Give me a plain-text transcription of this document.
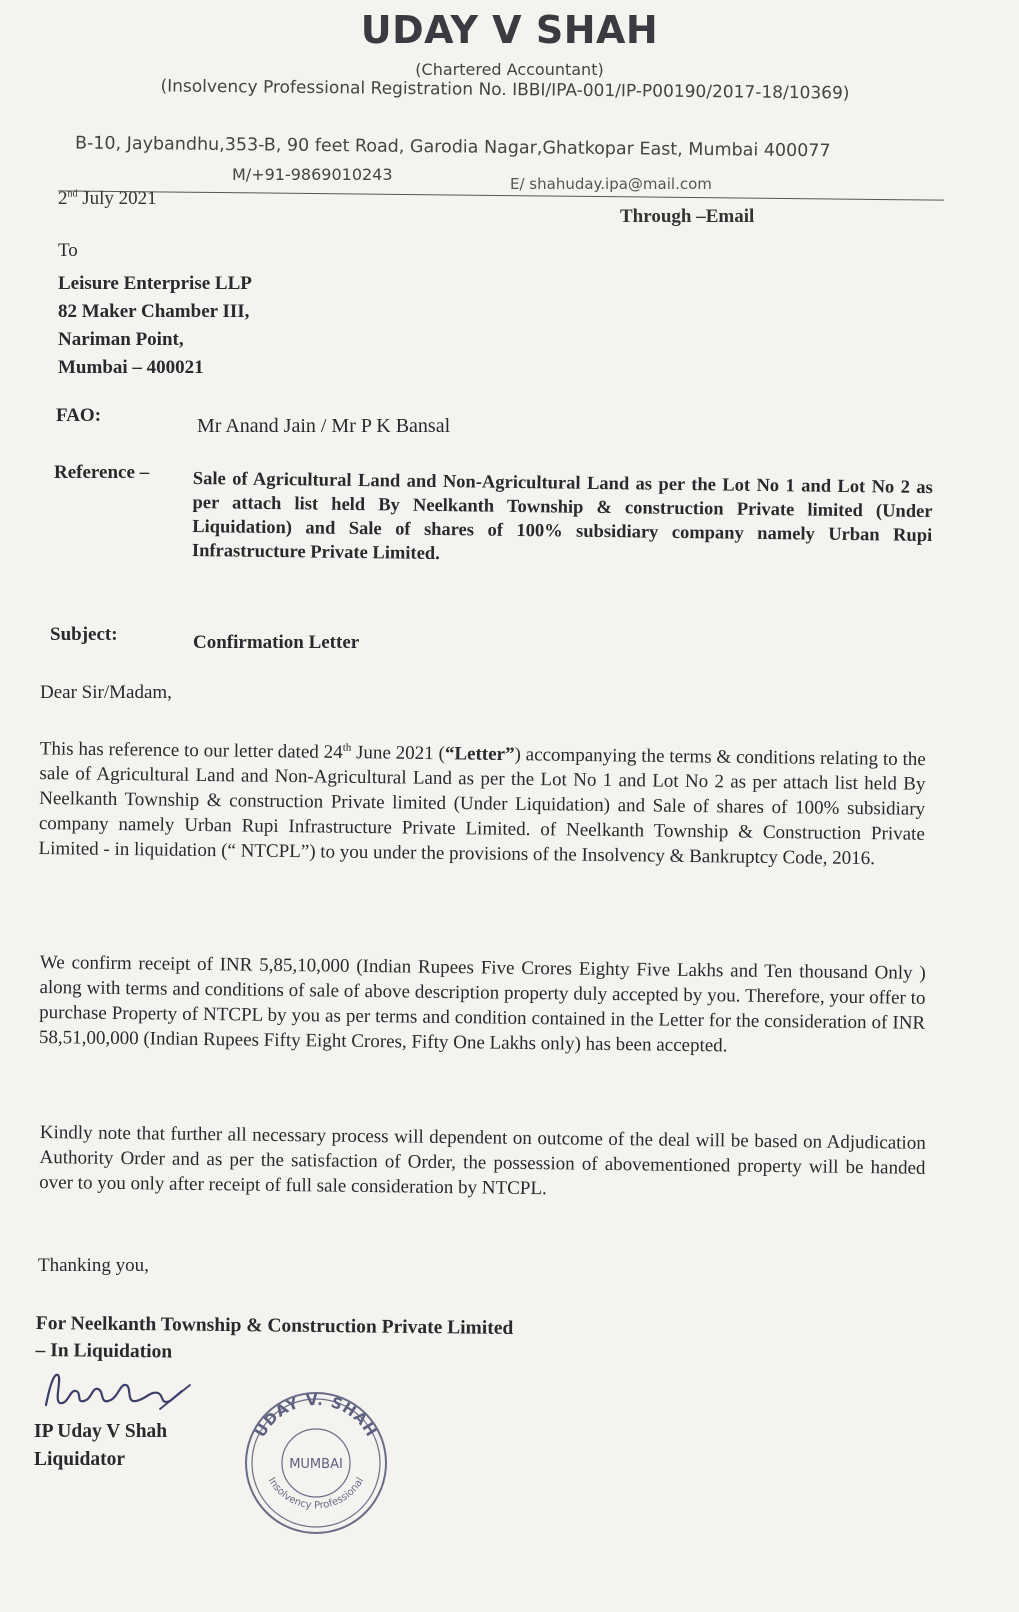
UDAY V SHAH
(Chartered Accountant)
(Insolvency Professional Registration No. IBBI/IPA-001/IP-P00190/2017-18/10369)
B-10, Jaybandhu,353-B, 90 feet Road, Garodia Nagar,Ghatkopar East, Mumbai 400077
M/+91-9869010243	E/ shahuday.ipa@mail.com
2nd July 2021
Through –Email
To
Leisure Enterprise LLP
82 Maker Chamber III,
Nariman Point,
Mumbai – 400021
FAO:	Mr Anand Jain / Mr P K Bansal
Reference – Sale of Agricultural Land and Non-Agricultural Land as per the Lot No 1 and Lot No 2 as per attach list held By Neelkanth Township & construction Private limited (Under Liquidation) and Sale of shares of 100% subsidiary company namely Urban Rupi Infrastructure Private Limited.
Subject:	Confirmation Letter
Dear Sir/Madam,
This has reference to our letter dated 24th June 2021 (“Letter”) accompanying the terms & conditions relating to the sale of Agricultural Land and Non-Agricultural Land as per the Lot No 1 and Lot No 2 as per attach list held By Neelkanth Township & construction Private limited (Under Liquidation) and Sale of shares of 100% subsidiary company namely Urban Rupi Infrastructure Private Limited. of Neelkanth Township & Construction Private Limited - in liquidation (“ NTCPL”) to you under the provisions of the Insolvency & Bankruptcy Code, 2016.
We confirm receipt of INR 5,85,10,000 (Indian Rupees Five Crores Eighty Five Lakhs and Ten thousand Only ) along with terms and conditions of sale of above description property duly accepted by you. Therefore, your offer to purchase Property of NTCPL by you as per terms and condition contained in the Letter for the consideration of INR 58,51,00,000 (Indian Rupees Fifty Eight Crores, Fifty One Lakhs only) has been accepted.
Kindly note that further all necessary process will dependent on outcome of the deal will be based on Adjudication Authority Order and as per the satisfaction of Order, the possession of abovementioned property will be handed over to you only after receipt of full sale consideration by NTCPL.
Thanking you,
For Neelkanth Township & Construction Private Limited
– In Liquidation
IP Uday V Shah
Liquidator
UDAY V. SHAH
MUMBAI
Insolvency Professional
